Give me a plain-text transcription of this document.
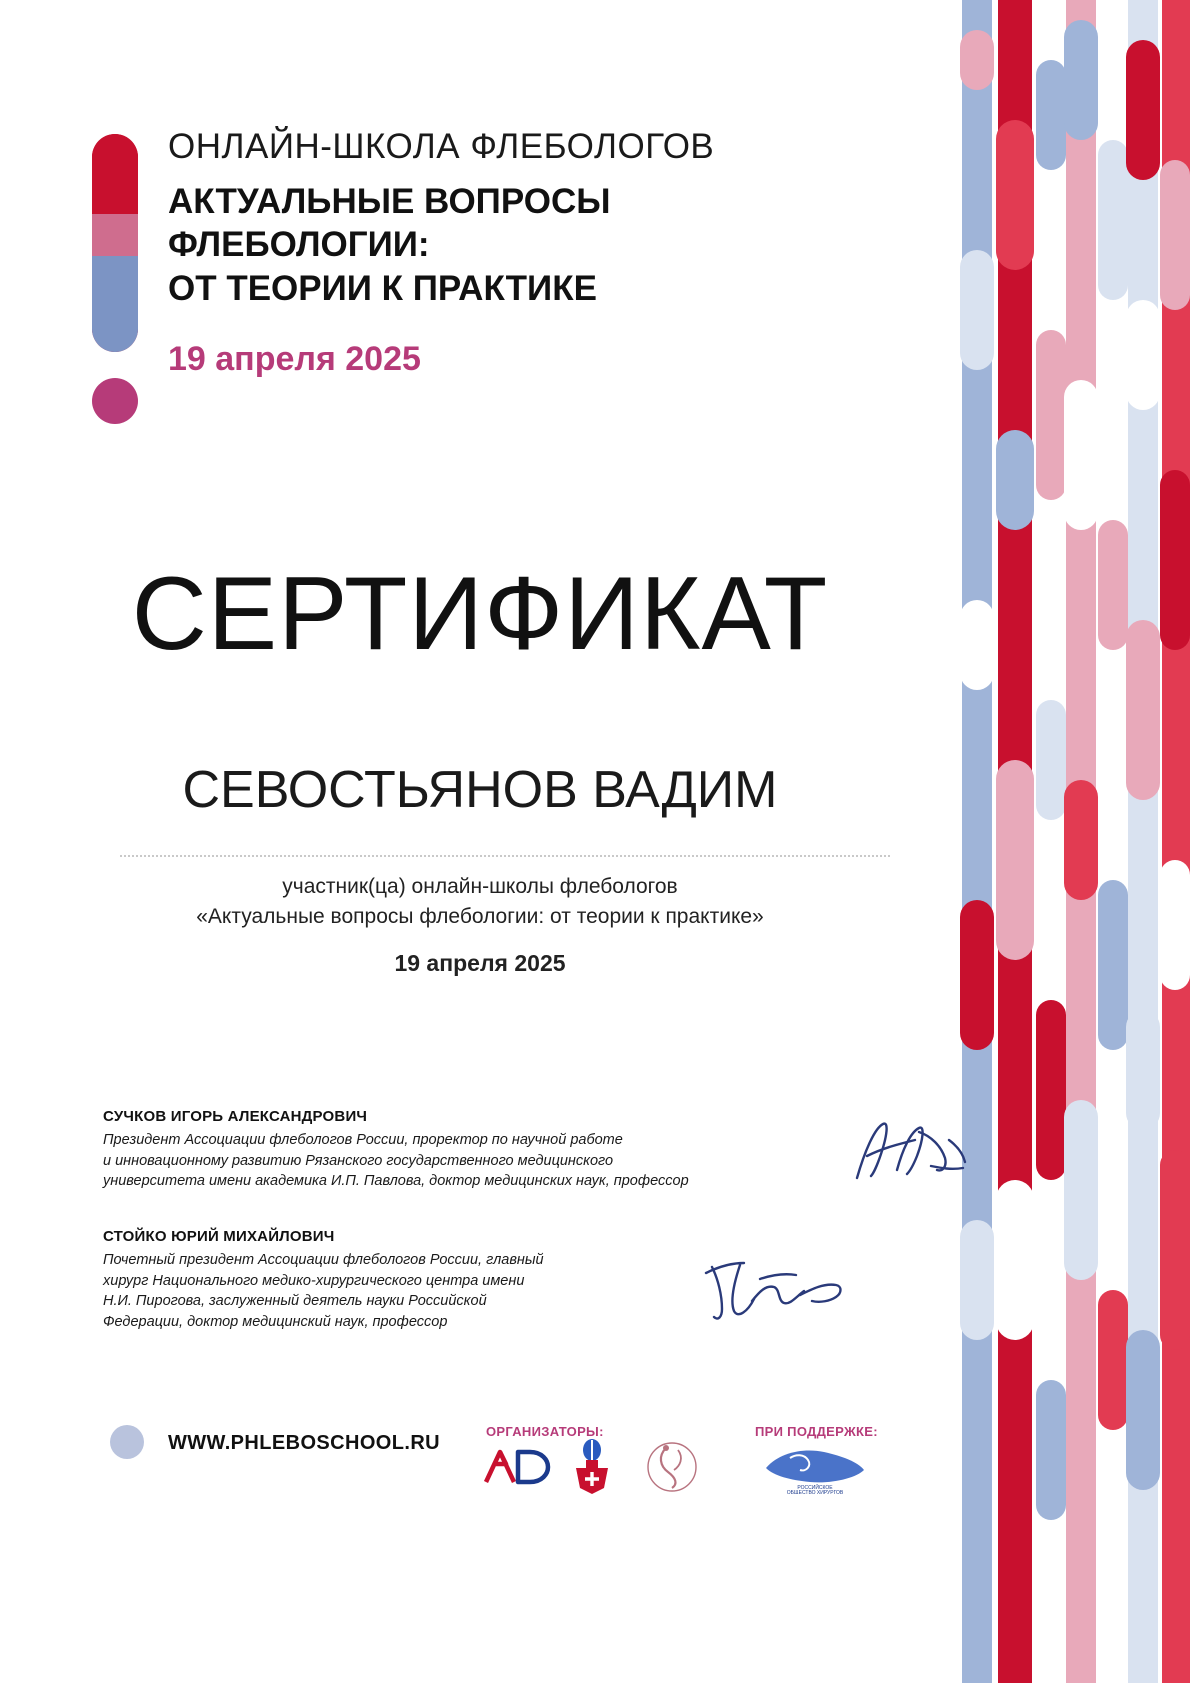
ОНЛАЙН-ШКОЛА ФЛЕБОЛОГОВ
АКТУАЛЬНЫЕ ВОПРОСЫ
ФЛЕБОЛОГИИ:
ОТ ТЕОРИИ К ПРАКТИКЕ
19 апреля 2025
СЕРТИФИКАТ
СЕВОСТЬЯНОВ ВАДИМ
участник(ца) онлайн-школы флебологов
«Актуальные вопросы флебологии: от теории к практике»
19 апреля 2025
СУЧКОВ ИГОРЬ АЛЕКСАНДРОВИЧ
Президент Ассоциации флебологов России, проректор по научной работе
и инновационному развитию Рязанского государственного медицинского
университета имени академика И.П. Павлова, доктор медицинских наук, профессор
СТОЙКО ЮРИЙ МИХАЙЛОВИЧ
Почетный президент Ассоциации флебологов России, главный
хирург Национального медико-хирургического центра имени
Н.И. Пирогова, заслуженный деятель науки Российской
Федерации, доктор медицинский наук, профессор
WWW.PHLEBOSCHOOL.RU
ОРГАНИЗАТОРЫ:	ПРИ ПОДДЕРЖКЕ:
РОССИЙСКОЕ
ОБЩЕСТВО ХИРУРГОВ
